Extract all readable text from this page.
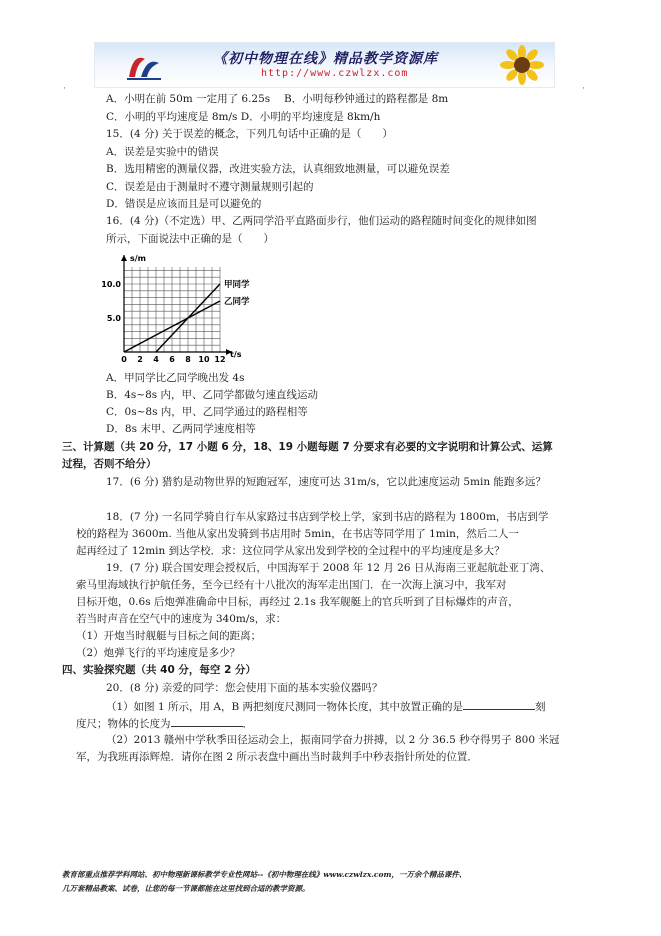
《初中物理在线》精品教学资源库
http://www.czwlzx.com
·	·
A．小明在前 50m 一定用了 6.25s　 B．小明每秒钟通过的路程都是 8m
C．小明的平均速度是 8m/s D．小明的平均速度是 8km/h
15．(4 分) 关于误差的概念，下列几句话中正确的是（　　）
A．误差是实验中的错误
B．选用精密的测量仪器，改进实验方法，认真细致地测量，可以避免误差
C．误差是由于测量时不遵守测量规则引起的
D．错误是应该而且是可以避免的
16．(4 分)（不定选）甲、乙两同学沿平直路面步行，他们运动的路程随时间变化的规律如图
所示，下面说法中正确的是（　　）
s/m
t/s
0 2 4 6 8 10 12
5.0
10.0	甲同学
乙同学
A．甲同学比乙同学晚出发 4s
B．4s~8s 内，甲、乙同学都做匀速直线运动
C．0s~8s 内，甲、乙同学通过的路程相等
D．8s 末甲、乙两同学速度相等
三、计算题（共 20 分，17 小题 6 分，18、19 小题每题 7 分要求有必要的文字说明和计算公式、运算
过程，否则不给分）
17．(6 分) 猎豹是动物世界的短跑冠军，速度可达 31m/s，它以此速度运动 5min 能跑多远？
18．(7 分) 一名同学骑自行车从家路过书店到学校上学，家到书店的路程为 1800m，书店到学
校的路程为 3600m. 当他从家出发骑到书店用时 5min，在书店等同学用了 1min，然后二人一
起再经过了 12min 到达学校．求：这位同学从家出发到学校的全过程中的平均速度是多大？
19．(7 分) 联合国安理会授权后，中国海军于 2008 年 12 月 26 日从海南三亚起航赴亚丁湾、
索马里海域执行护航任务，至今已经有十八批次的海军走出国门．在一次海上演习中，我军对
目标开炮，0.6s 后炮弹准确命中目标，再经过 2.1s 我军舰艇上的官兵听到了目标爆炸的声音，
若当时声音在空气中的速度为 340m/s，求：
（1）开炮当时舰艇与目标之间的距离；
（2）炮弹飞行的平均速度是多少？
四、实验探究题（共 40 分，每空 2 分）
20．(8 分) 亲爱的同学：您会使用下面的基本实验仪器吗？
（1）如图 1 所示，用 A，B 两把刻度尺测同一物体长度，其中放置正确的是	刻
度尺；物体的长度为	．
（2）2013 赣州中学秋季田径运动会上，振南同学奋力拼搏，以 2 分 36.5 秒夺得男子 800 米冠
军，为我班再添辉煌．请你在图 2 所示表盘中画出当时裁判手中秒表指针所处的位置．
教育部重点推荐学科网站、初中物理新课标教学专业性网站--《初中物理在线》www.czwlzx.com，一万余个精品课件、
几万套精品教案、试卷，让您的每一节课都能在这里找到合适的教学资源。
